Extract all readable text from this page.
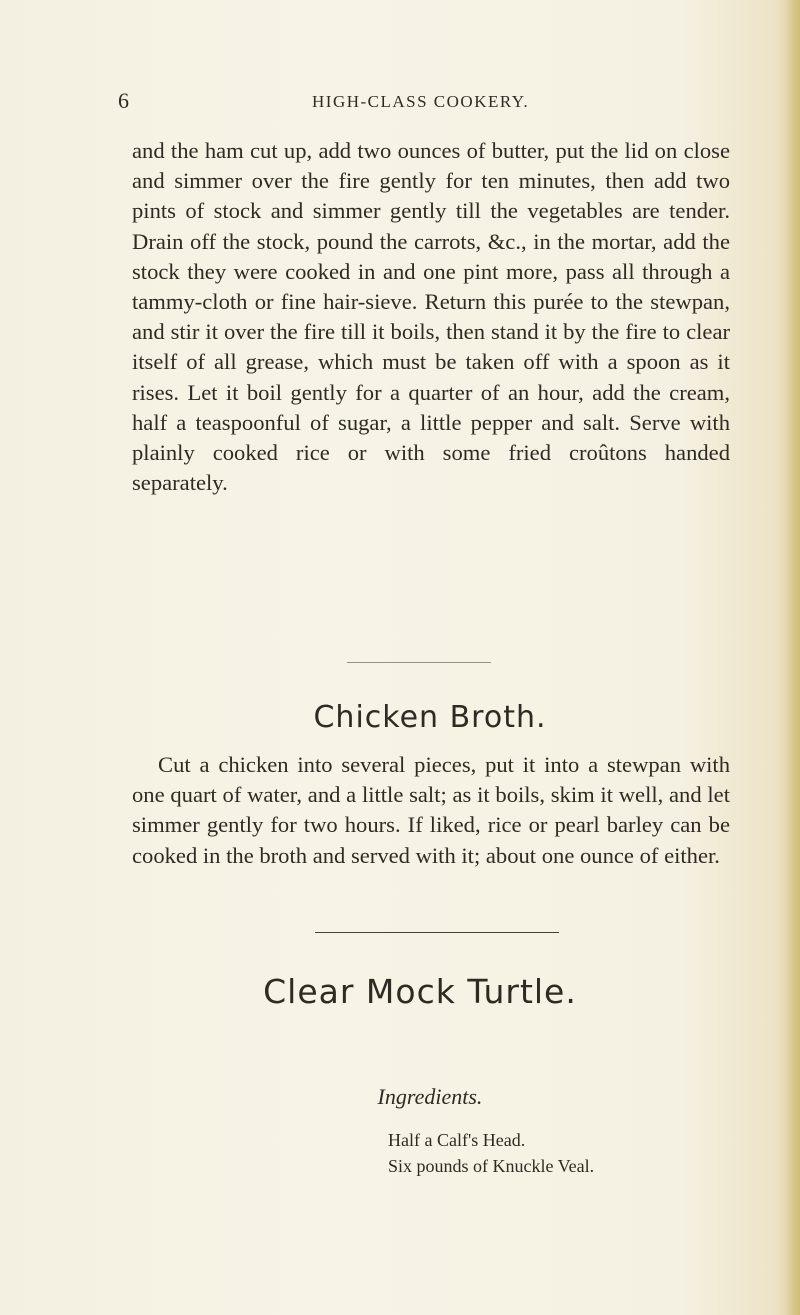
6	HIGH-CLASS COOKERY.

and the ham cut up, add two ounces of butter, put the lid on close and simmer over the fire gently for ten minutes, then add two pints of stock and simmer gently till the vegetables are tender. Drain off the stock, pound the carrots, &c., in the mortar, add the stock they were cooked in and one pint more, pass all through a tammy-cloth or fine hair-sieve. Return this purée to the stewpan, and stir it over the fire till it boils, then stand it by the fire to clear itself of all grease, which must be taken off with a spoon as it rises. Let it boil gently for a quarter of an hour, add the cream, half a teaspoonful of sugar, a little pepper and salt. Serve with plainly cooked rice or with some fried croûtons handed separately.

Chicken Broth.

Cut a chicken into several pieces, put it into a stewpan with one quart of water, and a little salt; as it boils, skim it well, and let simmer gently for two hours. If liked, rice or pearl barley can be cooked in the broth and served with it; about one ounce of either.

Clear Mock Turtle.
Ingredients.
Half a Calf's Head.
Six pounds of Knuckle Veal.
